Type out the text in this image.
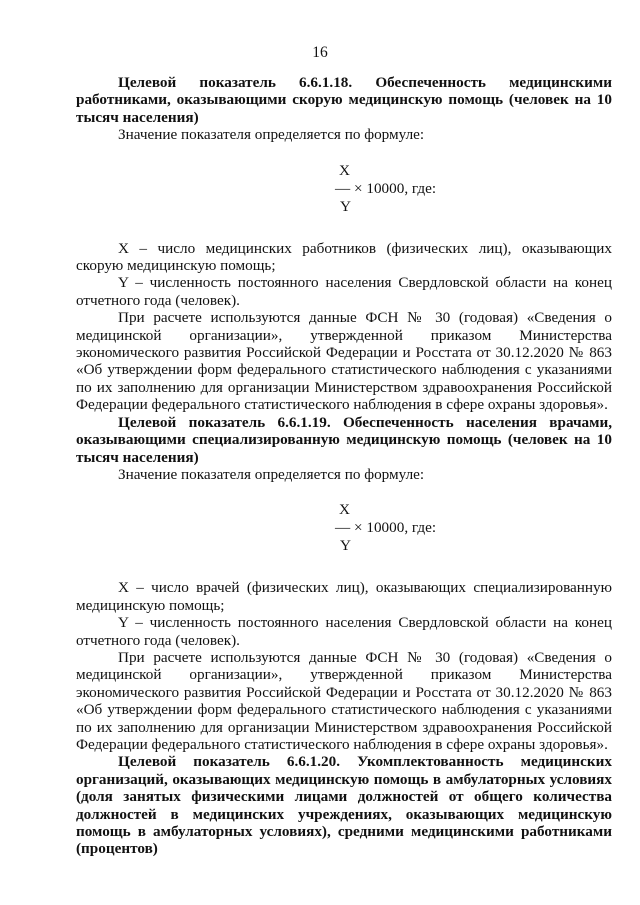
16

Целевой показатель 6.6.1.18. Обеспеченность медицинскими работниками, оказывающими скорую медицинскую помощь (человек на 10 тысяч населения)

Значение показателя определяется по формуле:

X
— × 10000, где:
Y

X – число медицинских работников (физических лиц), оказывающих скорую медицинскую помощь;

Y – численность постоянного населения Свердловской области на конец отчетного года (человек).

При расчете используются данные ФСН № 30 (годовая) «Сведения о медицинской организации», утвержденной приказом Министерства экономического развития Российской Федерации и Росстата от 30.12.2020 № 863 «Об утверждении форм федерального статистического наблюдения с указаниями по их заполнению для организации Министерством здравоохранения Российской Федерации федерального статистического наблюдения в сфере охраны здоровья».

Целевой показатель 6.6.1.19. Обеспеченность населения врачами, оказывающими специализированную медицинскую помощь (человек на 10 тысяч населения)

Значение показателя определяется по формуле:

X
— × 10000, где:
Y

X – число врачей (физических лиц), оказывающих специализированную медицинскую помощь;

Y – численность постоянного населения Свердловской области на конец отчетного года (человек).

При расчете используются данные ФСН № 30 (годовая) «Сведения о медицинской организации», утвержденной приказом Министерства экономического развития Российской Федерации и Росстата от 30.12.2020 № 863 «Об утверждении форм федерального статистического наблюдения с указаниями по их заполнению для организации Министерством здравоохранения Российской Федерации федерального статистического наблюдения в сфере охраны здоровья».

Целевой показатель 6.6.1.20. Укомплектованность медицинских организаций, оказывающих медицинскую помощь в амбулаторных условиях (доля занятых физическими лицами должностей от общего количества должностей в медицинских учреждениях, оказывающих медицинскую помощь в амбулаторных условиях), средними медицинскими работниками (процентов)
